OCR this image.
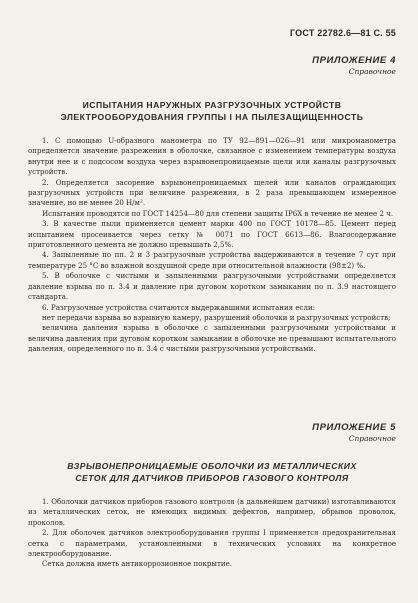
ГОСТ 22782.6—81 С. 55
ПРИЛОЖЕНИЕ 4
Справочное
ИСПЫТАНИЯ НАРУЖНЫХ РАЗГРУЗОЧНЫХ УСТРОЙСТВ
ЭЛЕКТРООБОРУДОВАНИЯ ГРУППЫ I НА ПЫЛЕЗАЩИЩЕННОСТЬ

1. С помощью U-образного манометра по ТУ 92—891—026—91 или микроманометра определяется значение разрежения в оболочке, связанное с изменением температуры воздуха внутри нее и с подсосом воздуха через взрывонепроницаемые щели или каналы разгрузочных устройств.

2. Определяется засорение взрывонепроницаемых щелей или каналов ограждающих разгрузочных устройств при величине разрежения, в 2 раза превышающем измеренное значение, но не менее 20 Н/м².

Испытания проводятся по ГОСТ 14254—80 для степени защиты IP6X в течение не менее 2 ч.

3. В качестве пыли применяется цемент марки 400 по ГОСТ 10178—85. Цемент перед испытанием просеивается через сетку № 0071 по ГОСТ 6613—86. Влагосодержание приготовленного цемента не должно превышать 2,5%.

4. Запыленные по пп. 2 и 3 разгрузочные устройства выдерживаются в течение 7 сут при температуре 25 °С во влажной воздушной среде при относительной влажности (98±2) %.

5. В оболочке с чистыми и запыленными разгрузочными устройствами определяется давление взрыва по п. 3.4 и давление при дуговом коротком замыкании по п. 3.9 настоящего стандарта.

6. Разгрузочные устройства считаются выдержавшими испытания если:

нет передачи взрыва во взрывную камеру, разрушений оболочки и разгрузочных устройств;

величина давления взрыва в оболочке с запыленными разгрузочными устройствами и величина давления при дуговом коротком замыкании в оболочке не превышают испытательного давления, определенного по п. 3.4 с чистыми разгрузочными устройствами.

ПРИЛОЖЕНИЕ 5
Справочное
ВЗРЫВОНЕПРОНИЦАЕМЫЕ ОБОЛОЧКИ ИЗ МЕТАЛЛИЧЕСКИХ
СЕТОК ДЛЯ ДАТЧИКОВ ПРИБОРОВ ГАЗОВОГО КОНТРОЛЯ

1. Оболочки датчиков приборов газового контроля (в дальнейшем датчики) изготавливаются из металлических сеток, не имеющих видимых дефектов, например, обрывов проволок, проколов.

2. Для оболочек датчиков электрооборудования группы I применяется предохранительная сетка с параметрами, установленными в технических условиях на конкретное электрооборудование.

Сетка должна иметь антикоррозионное покрытие.
